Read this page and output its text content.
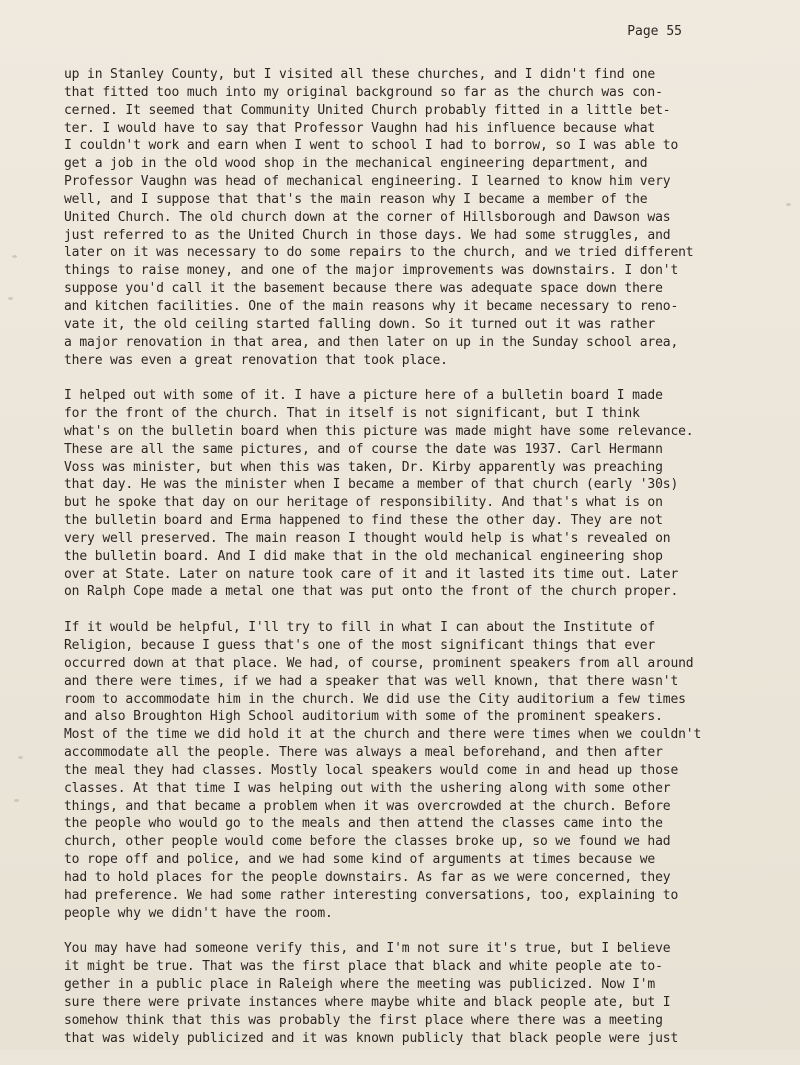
Page 55
up in Stanley County, but I visited all these churches, and I didn't find one
that fitted too much into my original background so far as the church was con-
cerned. It seemed that Community United Church probably fitted in a little bet-
ter. I would have to say that Professor Vaughn had his influence because what
I couldn't work and earn when I went to school I had to borrow, so I was able to
get a job in the old wood shop in the mechanical engineering department, and
Professor Vaughn was head of mechanical engineering. I learned to know him very
well, and I suppose that that's the main reason why I became a member of the
United Church. The old church down at the corner of Hillsborough and Dawson was
just referred to as the United Church in those days. We had some struggles, and
later on it was necessary to do some repairs to the church, and we tried different
things to raise money, and one of the major improvements was downstairs. I don't
suppose you'd call it the basement because there was adequate space down there
and kitchen facilities. One of the main reasons why it became necessary to reno-
vate it, the old ceiling started falling down. So it turned out it was rather
a major renovation in that area, and then later on up in the Sunday school area,
there was even a great renovation that took place.
I helped out with some of it. I have a picture here of a bulletin board I made
for the front of the church. That in itself is not significant, but I think
what's on the bulletin board when this picture was made might have some relevance.
These are all the same pictures, and of course the date was 1937. Carl Hermann
Voss was minister, but when this was taken, Dr. Kirby apparently was preaching
that day. He was the minister when I became a member of that church (early '30s)
but he spoke that day on our heritage of responsibility. And that's what is on
the bulletin board and Erma happened to find these the other day. They are not
very well preserved. The main reason I thought would help is what's revealed on
the bulletin board. And I did make that in the old mechanical engineering shop
over at State. Later on nature took care of it and it lasted its time out. Later
on Ralph Cope made a metal one that was put onto the front of the church proper.
If it would be helpful, I'll try to fill in what I can about the Institute of
Religion, because I guess that's one of the most significant things that ever
occurred down at that place. We had, of course, prominent speakers from all around
and there were times, if we had a speaker that was well known, that there wasn't
room to accommodate him in the church. We did use the City auditorium a few times
and also Broughton High School auditorium with some of the prominent speakers.
Most of the time we did hold it at the church and there were times when we couldn't
accommodate all the people. There was always a meal beforehand, and then after
the meal they had classes. Mostly local speakers would come in and head up those
classes. At that time I was helping out with the ushering along with some other
things, and that became a problem when it was overcrowded at the church. Before
the people who would go to the meals and then attend the classes came into the
church, other people would come before the classes broke up, so we found we had
to rope off and police, and we had some kind of arguments at times because we
had to hold places for the people downstairs. As far as we were concerned, they
had preference. We had some rather interesting conversations, too, explaining to
people why we didn't have the room.
You may have had someone verify this, and I'm not sure it's true, but I believe
it might be true. That was the first place that black and white people ate to-
gether in a public place in Raleigh where the meeting was publicized. Now I'm
sure there were private instances where maybe white and black people ate, but I
somehow think that this was probably the first place where there was a meeting
that was widely publicized and it was known publicly that black people were just
